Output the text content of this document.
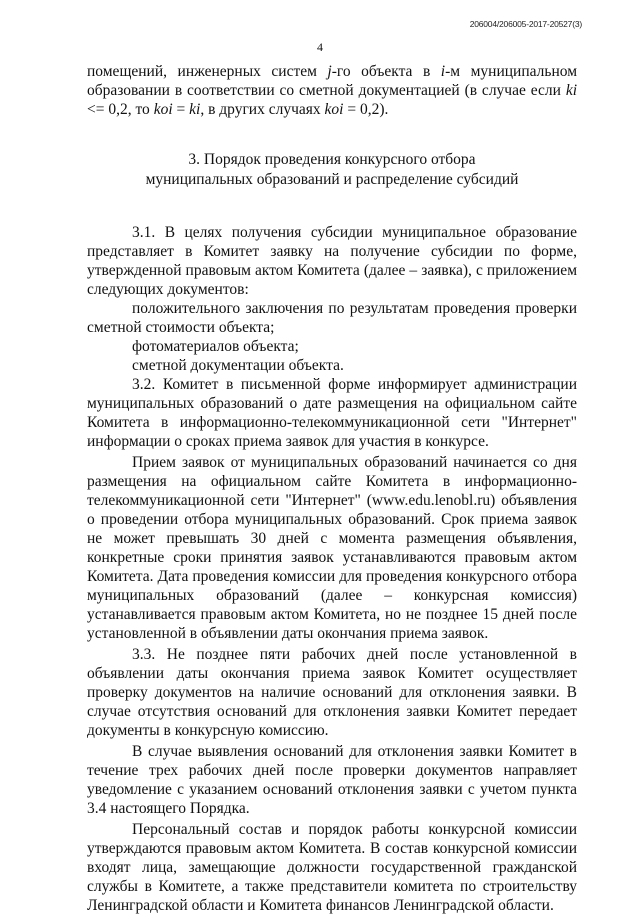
206004/206005-2017-20527(3)
4

помещений, инженерных систем j-го объекта в i-м муниципальном образовании в соответствии со сметной документацией (в случае если ki <= 0,2, то koi = ki, в других случаях koi = 0,2).

3. Порядок проведения конкурсного отбора
муниципальных образований и распределение субсидий

3.1. В целях получения субсидии муниципальное образование представляет в Комитет заявку на получение субсидии по форме, утвержденной правовым актом Комитета (далее – заявка), с приложением следующих документов:

положительного заключения по результатам проведения проверки сметной стоимости объекта;

фотоматериалов объекта;

сметной документации объекта.

3.2. Комитет в письменной форме информирует администрации муниципальных образований о дате размещения на официальном сайте Комитета в информационно-телекоммуникационной сети "Интернет" информации о сроках приема заявок для участия в конкурсе.

Прием заявок от муниципальных образований начинается со дня размещения на официальном сайте Комитета в информационно-телекоммуникационной сети "Интернет" (www.edu.lenobl.ru) объявления о проведении отбора муниципальных образований. Срок приема заявок не может превышать 30 дней с момента размещения объявления, конкретные сроки принятия заявок устанавливаются правовым актом Комитета. Дата проведения комиссии для проведения конкурсного отбора муниципальных образований (далее – конкурсная комиссия) устанавливается правовым актом Комитета, но не позднее 15 дней после установленной в объявлении даты окончания приема заявок.

3.3. Не позднее пяти рабочих дней после установленной в объявлении даты окончания приема заявок Комитет осуществляет проверку документов на наличие оснований для отклонения заявки. В случае отсутствия оснований для отклонения заявки Комитет передает документы в конкурсную комиссию.

В случае выявления оснований для отклонения заявки Комитет в течение трех рабочих дней после проверки документов направляет уведомление с указанием оснований отклонения заявки с учетом пункта 3.4 настоящего Порядка.

Персональный состав и порядок работы конкурсной комиссии утверждаются правовым актом Комитета. В состав конкурсной комиссии входят лица, замещающие должности государственной гражданской службы в Комитете, а также представители комитета по строительству Ленинградской области и Комитета финансов Ленинградской области.
